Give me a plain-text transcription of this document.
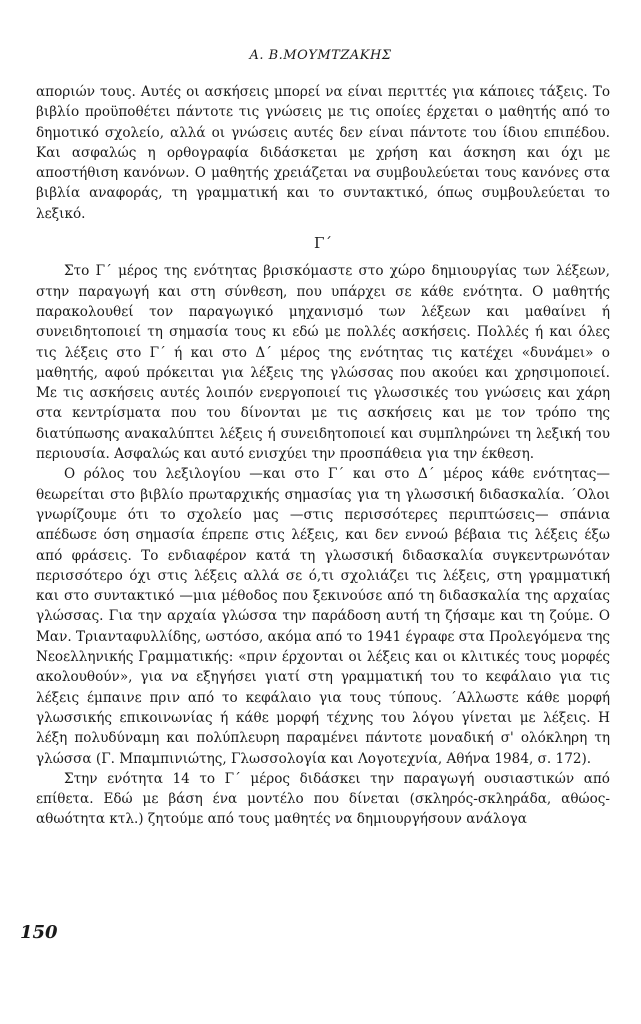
Α. Β.ΜΟΥΜΤΖΑΚΗΣ

αποριών τους. Αυτές οι ασκήσεις μπορεί να είναι περιττές για κάποιες τάξεις. Το βιβλίο προϋποθέτει πάντοτε τις γνώσεις με τις οποίες έρχεται ο μαθητής από το δημοτικό σχολείο, αλλά οι γνώσεις αυτές δεν είναι πάντοτε του ίδιου επιπέδου. Και ασφαλώς η ορθογραφία διδάσκεται με χρήση και άσκηση και όχι με αποστήθιση κανόνων. Ο μαθητής χρειάζεται να συμβουλεύεται τους κανόνες στα βιβλία αναφοράς, τη γραμματική και το συντακτικό, όπως συμβουλεύεται το λεξικό.

Γ΄

Στο Γ΄ μέρος της ενότητας βρισκόμαστε στο χώρο δημιουργίας των λέξεων, στην παραγωγή και στη σύνθεση, που υπάρχει σε κάθε ενότητα. Ο μαθητής παρακολουθεί τον παραγωγικό μηχανισμό των λέξεων και μαθαίνει ή συνειδητοποιεί τη σημασία τους κι εδώ με πολλές ασκήσεις. Πολλές ή και όλες τις λέξεις στο Γ΄ ή και στο Δ΄ μέρος της ενότητας τις κατέχει «δυνάμει» ο μαθητής, αφού πρόκειται για λέξεις της γλώσσας που ακούει και χρησιμοποιεί. Με τις ασκήσεις αυτές λοιπόν ενεργοποιεί τις γλωσσικές του γνώσεις και χάρη στα κεντρίσματα που του δίνονται με τις ασκήσεις και με τον τρόπο της διατύπωσης ανακαλύπτει λέξεις ή συνειδητοποιεί και συμπληρώνει τη λεξική του περιουσία. Ασφαλώς και αυτό ενισχύει την προσπάθεια για την έκθεση.

Ο ρόλος του λεξιλογίου —και στο Γ΄ και στο Δ΄ μέρος κάθε ενότητας— θεωρείται στο βιβλίο πρωταρχικής σημασίας για τη γλωσσική διδασκαλία. ΄Ολοι γνωρίζουμε ότι το σχολείο μας —στις περισσότερες περιπτώσεις— σπάνια απέδωσε όση σημασία έπρεπε στις λέξεις, και δεν εννοώ βέβαια τις λέξεις έξω από φράσεις. Το ενδιαφέρον κατά τη γλωσσική διδασκαλία συγκεντρωνόταν περισσότερο όχι στις λέξεις αλλά σε ό,τι σχολιάζει τις λέξεις, στη γραμματική και στο συντακτικό —μια μέθοδος που ξεκινούσε από τη διδασκαλία της αρχαίας γλώσσας. Για την αρχαία γλώσσα την παράδοση αυτή τη ζήσαμε και τη ζούμε. Ο Μαν. Τριανταφυλλίδης, ωστόσο, ακόμα από το 1941 έγραφε στα Προλεγόμενα της Νεοελληνικής Γραμματικής: «πριν έρχονται οι λέξεις και οι κλιτικές τους μορφές ακολουθούν», για να εξηγήσει γιατί στη γραμματική του το κεφάλαιο για τις λέξεις έμπαινε πριν από το κεφάλαιο για τους τύπους. ΄Αλλωστε κάθε μορφή γλωσσικής επικοινωνίας ή κάθε μορφή τέχνης του λόγου γίνεται με λέξεις. Η λέξη πολυδύναμη και πολύπλευρη παραμένει πάντοτε μοναδική σ' ολόκληρη τη γλώσσα (Γ. Μπαμπινιώτης, Γλωσσολογία και Λογοτεχνία, Αθήνα 1984, σ. 172).

Στην ενότητα 14 το Γ΄ μέρος διδάσκει την παραγωγή ουσιαστικών από επίθετα. Εδώ με βάση ένα μοντέλο που δίνεται (σκληρός-σκληράδα, αθώος-αθωότητα κτλ.) ζητούμε από τους μαθητές να δημιουργήσουν ανάλογα

150
